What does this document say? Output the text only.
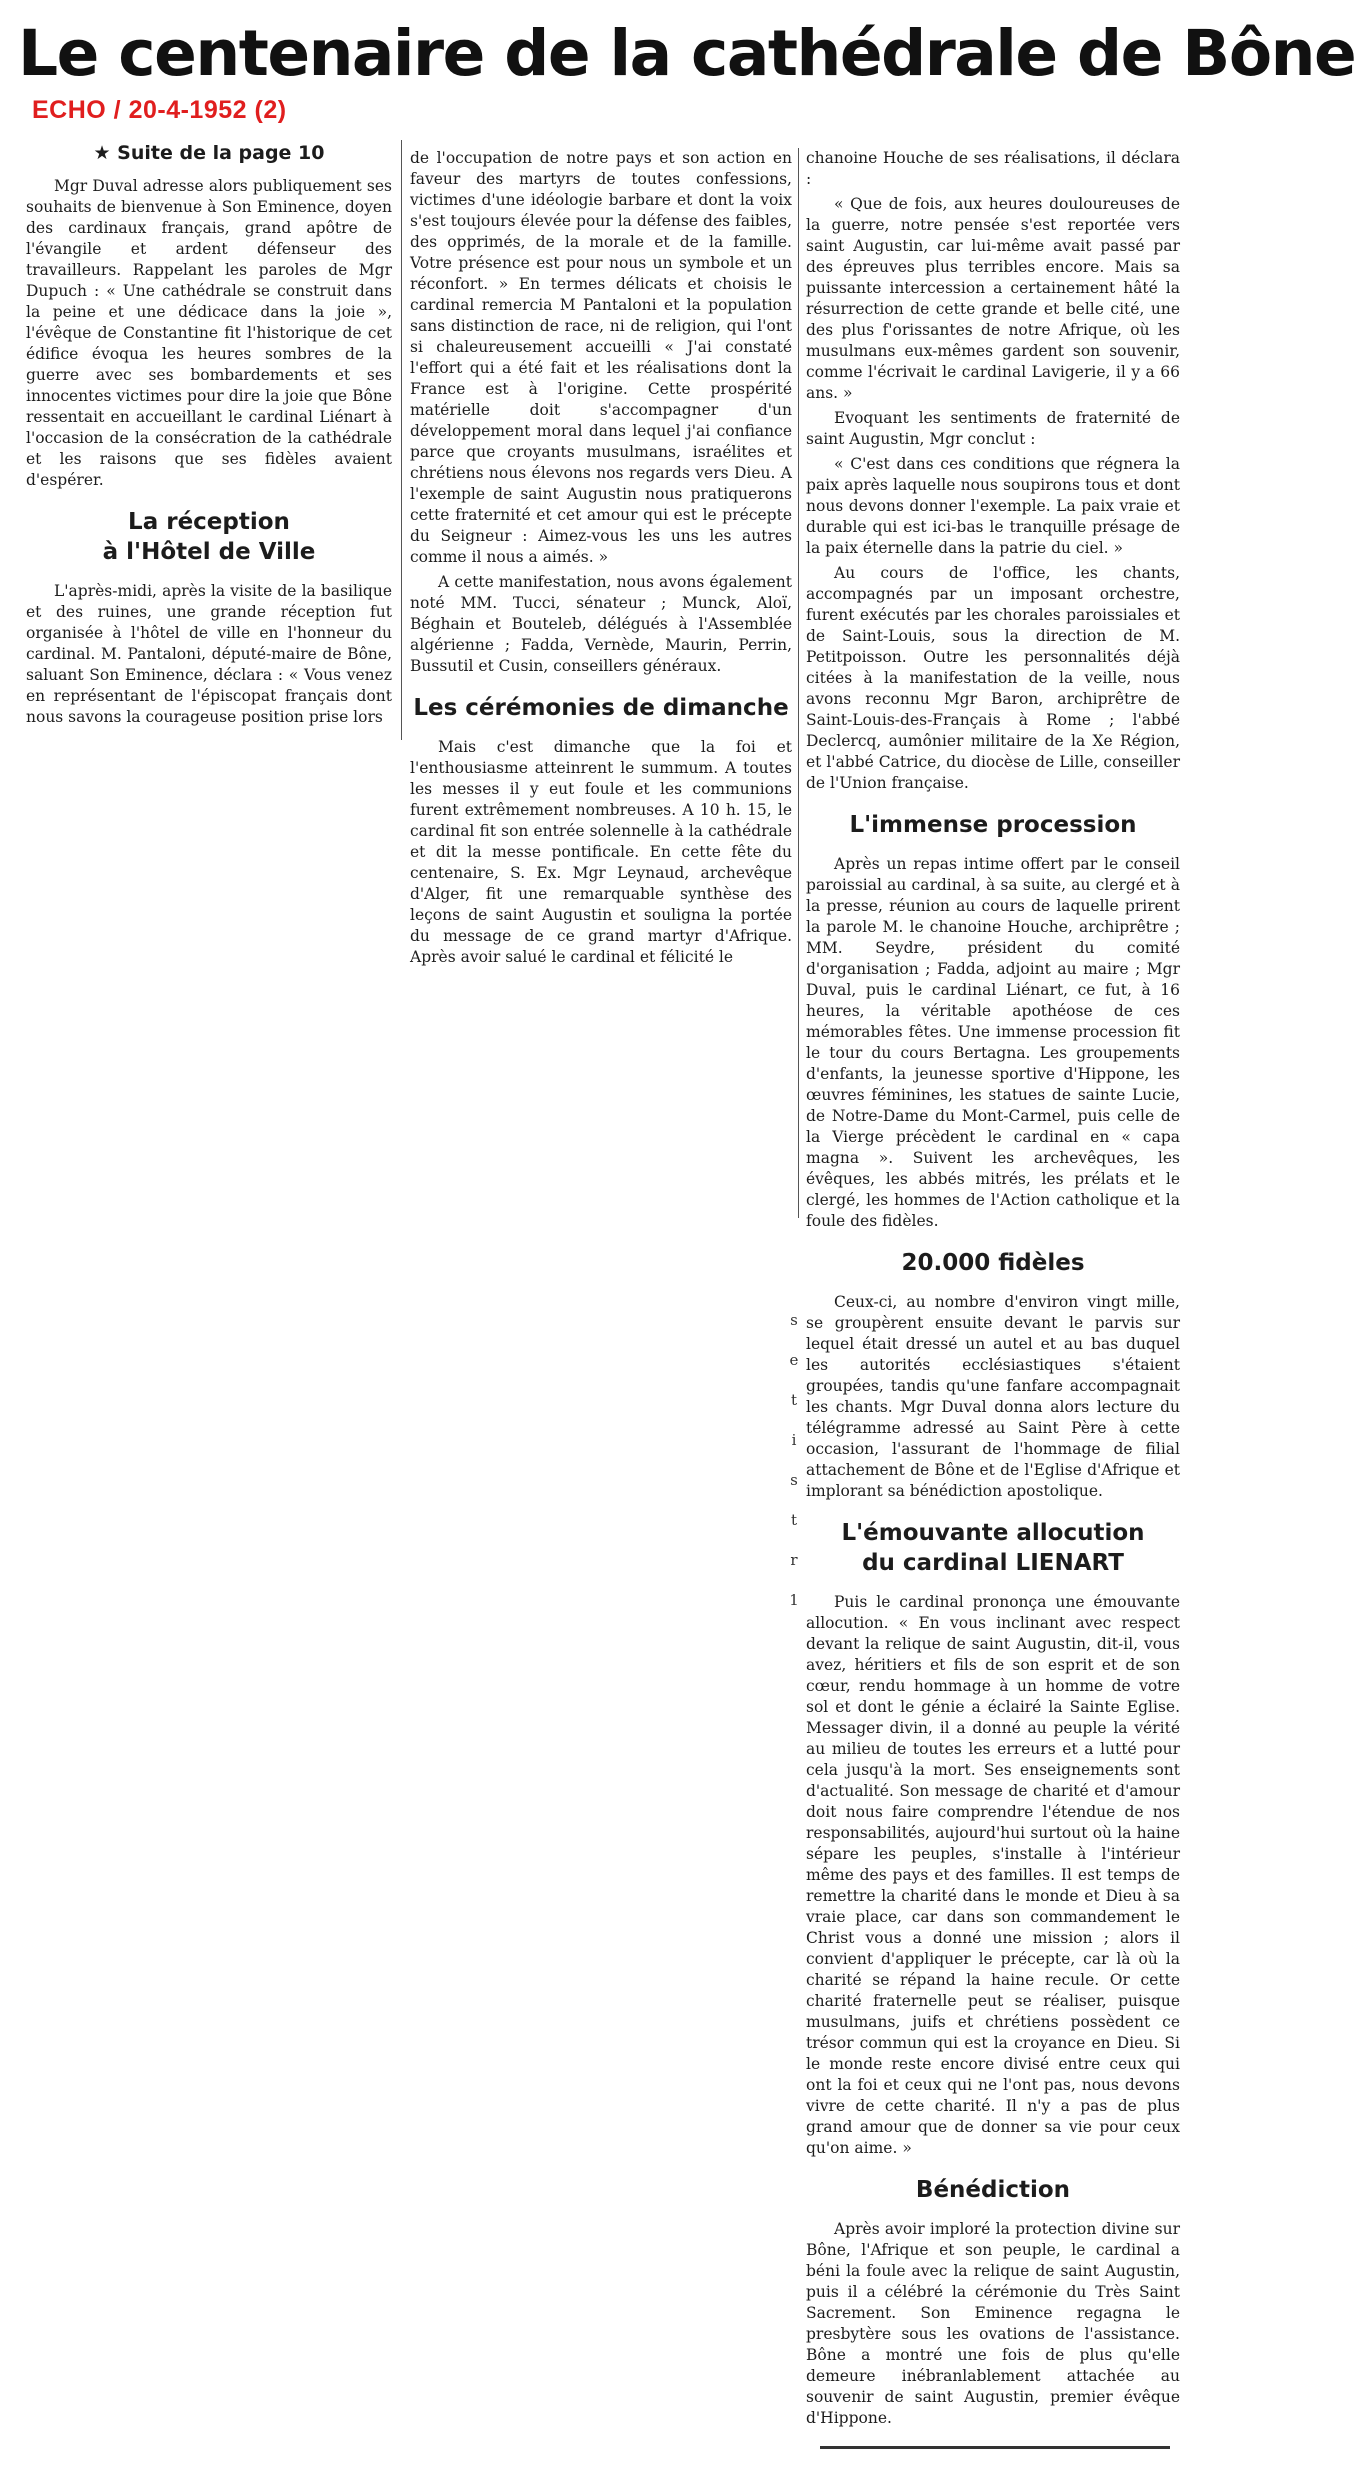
Le centenaire de la cathédrale de Bône
ECHO / 20-4-1952 (2)
s
e
t
i
s
t
r
1
★ Suite de la page 10

Mgr Duval adresse alors publiquement ses souhaits de bienvenue à Son Eminence, doyen des cardinaux français, grand apôtre de l'évangile et ardent défenseur des travailleurs. Rappelant les paroles de Mgr Dupuch : « Une cathédrale se construit dans la peine et une dédicace dans la joie », l'évêque de Constantine fit l'historique de cet édifice évoqua les heures sombres de la guerre avec ses bombardements et ses innocentes victimes pour dire la joie que Bône ressentait en accueillant le cardinal Liénart à l'occasion de la consécration de la cathédrale et les raisons que ses fidèles avaient d'espérer.

La réception
à l'Hôtel de Ville

L'après-midi, après la visite de la basilique et des ruines, une grande réception fut organisée à l'hôtel de ville en l'honneur du cardinal. M. Pantaloni, député-maire de Bône, saluant Son Eminence, déclara : « Vous venez en représentant de l'épiscopat français dont nous savons la courageuse position prise lors

de l'occupation de notre pays et son action en faveur des martyrs de toutes confessions, victimes d'une idéologie barbare et dont la voix s'est toujours élevée pour la défense des faibles, des opprimés, de la morale et de la famille. Votre présence est pour nous un symbole et un réconfort. » En termes délicats et choisis le cardinal remercia M Pantaloni et la population sans distinction de race, ni de religion, qui l'ont si chaleureusement accueilli « J'ai constaté l'effort qui a été fait et les réalisations dont la France est à l'origine. Cette prospérité matérielle doit s'accompagner d'un développement moral dans lequel j'ai confiance parce que croyants musulmans, israélites et chrétiens nous élevons nos regards vers Dieu. A l'exemple de saint Augustin nous pratiquerons cette fraternité et cet amour qui est le précepte du Seigneur : Aimez-vous les uns les autres comme il nous a aimés. »

A cette manifestation, nous avons également noté MM. Tucci, sénateur ; Munck, Aloï, Béghain et Bouteleb, délégués à l'Assemblée algérienne ; Fadda, Vernède, Maurin, Perrin, Bussutil et Cusin, conseillers généraux.

Les cérémonies de dimanche

Mais c'est dimanche que la foi et l'enthousiasme atteinrent le summum. A toutes les messes il y eut foule et les communions furent extrêmement nombreuses. A 10 h. 15, le cardinal fit son entrée solennelle à la cathédrale et dit la messe pontificale. En cette fête du centenaire, S. Ex. Mgr Leynaud, archevêque d'Alger, fit une remarquable synthèse des leçons de saint Augustin et souligna la portée du message de ce grand martyr d'Afrique. Après avoir salué le cardinal et félicité le

chanoine Houche de ses réalisations, il déclara :

« Que de fois, aux heures douloureuses de la guerre, notre pensée s'est reportée vers saint Augustin, car lui-même avait passé par des épreuves plus terribles encore. Mais sa puissante intercession a certainement hâté la résurrection de cette grande et belle cité, une des plus f'orissantes de notre Afrique, où les musulmans eux-mêmes gardent son souvenir, comme l'écrivait le cardinal Lavigerie, il y a 66 ans. »

Evoquant les sentiments de fraternité de saint Augustin, Mgr conclut :

« C'est dans ces conditions que régnera la paix après laquelle nous soupirons tous et dont nous devons donner l'exemple. La paix vraie et durable qui est ici-bas le tranquille présage de la paix éternelle dans la patrie du ciel. »

Au cours de l'office, les chants, accompagnés par un imposant orchestre, furent exécutés par les chorales paroissiales et de Saint-Louis, sous la direction de M. Petitpoisson. Outre les personnalités déjà citées à la manifestation de la veille, nous avons reconnu Mgr Baron, archiprêtre de Saint-Louis-des-Français à Rome ; l'abbé Declercq, aumônier militaire de la Xe Région, et l'abbé Catrice, du diocèse de Lille, conseiller de l'Union française.

L'immense procession

Après un repas intime offert par le conseil paroissial au cardinal, à sa suite, au clergé et à la presse, réunion au cours de laquelle prirent la parole M. le chanoine Houche, archiprêtre ; MM. Seydre, président du comité d'organisation ; Fadda, adjoint au maire ; Mgr Duval, puis le cardinal Liénart, ce fut, à 16 heures, la véritable apothéose de ces mémorables fêtes. Une immense procession fit le tour du cours Bertagna. Les groupements d'enfants, la jeunesse sportive d'Hippone, les œuvres féminines, les statues de sainte Lucie, de Notre-Dame du Mont-Carmel, puis celle de la Vierge précèdent le cardinal en « capa magna ». Suivent les archevêques, les évêques, les abbés mitrés, les prélats et le clergé, les hommes de l'Action catholique et la foule des fidèles.

20.000 fidèles

Ceux-ci, au nombre d'environ vingt mille, se groupèrent ensuite devant le parvis sur lequel était dressé un autel et au bas duquel les autorités ecclésiastiques s'étaient groupées, tandis qu'une fanfare accompagnait les chants. Mgr Duval donna alors lecture du télégramme adressé au Saint Père à cette occasion, l'assurant de l'hommage de filial attachement de Bône et de l'Eglise d'Afrique et implorant sa bénédiction apostolique.

L'émouvante allocution
du cardinal LIENART

Puis le cardinal prononça une émouvante allocution. « En vous inclinant avec respect devant la relique de saint Augustin, dit-il, vous avez, héritiers et fils de son esprit et de son cœur, rendu hommage à un homme de votre sol et dont le génie a éclairé la Sainte Eglise. Messager divin, il a donné au peuple la vérité au milieu de toutes les erreurs et a lutté pour cela jusqu'à la mort. Ses enseignements sont d'actualité. Son message de charité et d'amour doit nous faire comprendre l'étendue de nos responsabilités, aujourd'hui surtout où la haine sépare les peuples, s'installe à l'intérieur même des pays et des familles. Il est temps de remettre la charité dans le monde et Dieu à sa vraie place, car dans son commandement le Christ vous a donné une mission ; alors il convient d'appliquer le précepte, car là où la charité se répand la haine recule. Or cette charité fraternelle peut se réaliser, puisque musulmans, juifs et chrétiens possèdent ce trésor commun qui est la croyance en Dieu. Si le monde reste encore divisé entre ceux qui ont la foi et ceux qui ne l'ont pas, nous devons vivre de cette charité. Il n'y a pas de plus grand amour que de donner sa vie pour ceux qu'on aime. »

Bénédiction

Après avoir imploré la protection divine sur Bône, l'Afrique et son peuple, le cardinal a béni la foule avec la relique de saint Augustin, puis il a célébré la cérémonie du Très Saint Sacrement. Son Eminence regagna le presbytère sous les ovations de l'assistance. Bône a montré une fois de plus qu'elle demeure inébranlablement attachée au souvenir de saint Augustin, premier évêque d'Hippone.
